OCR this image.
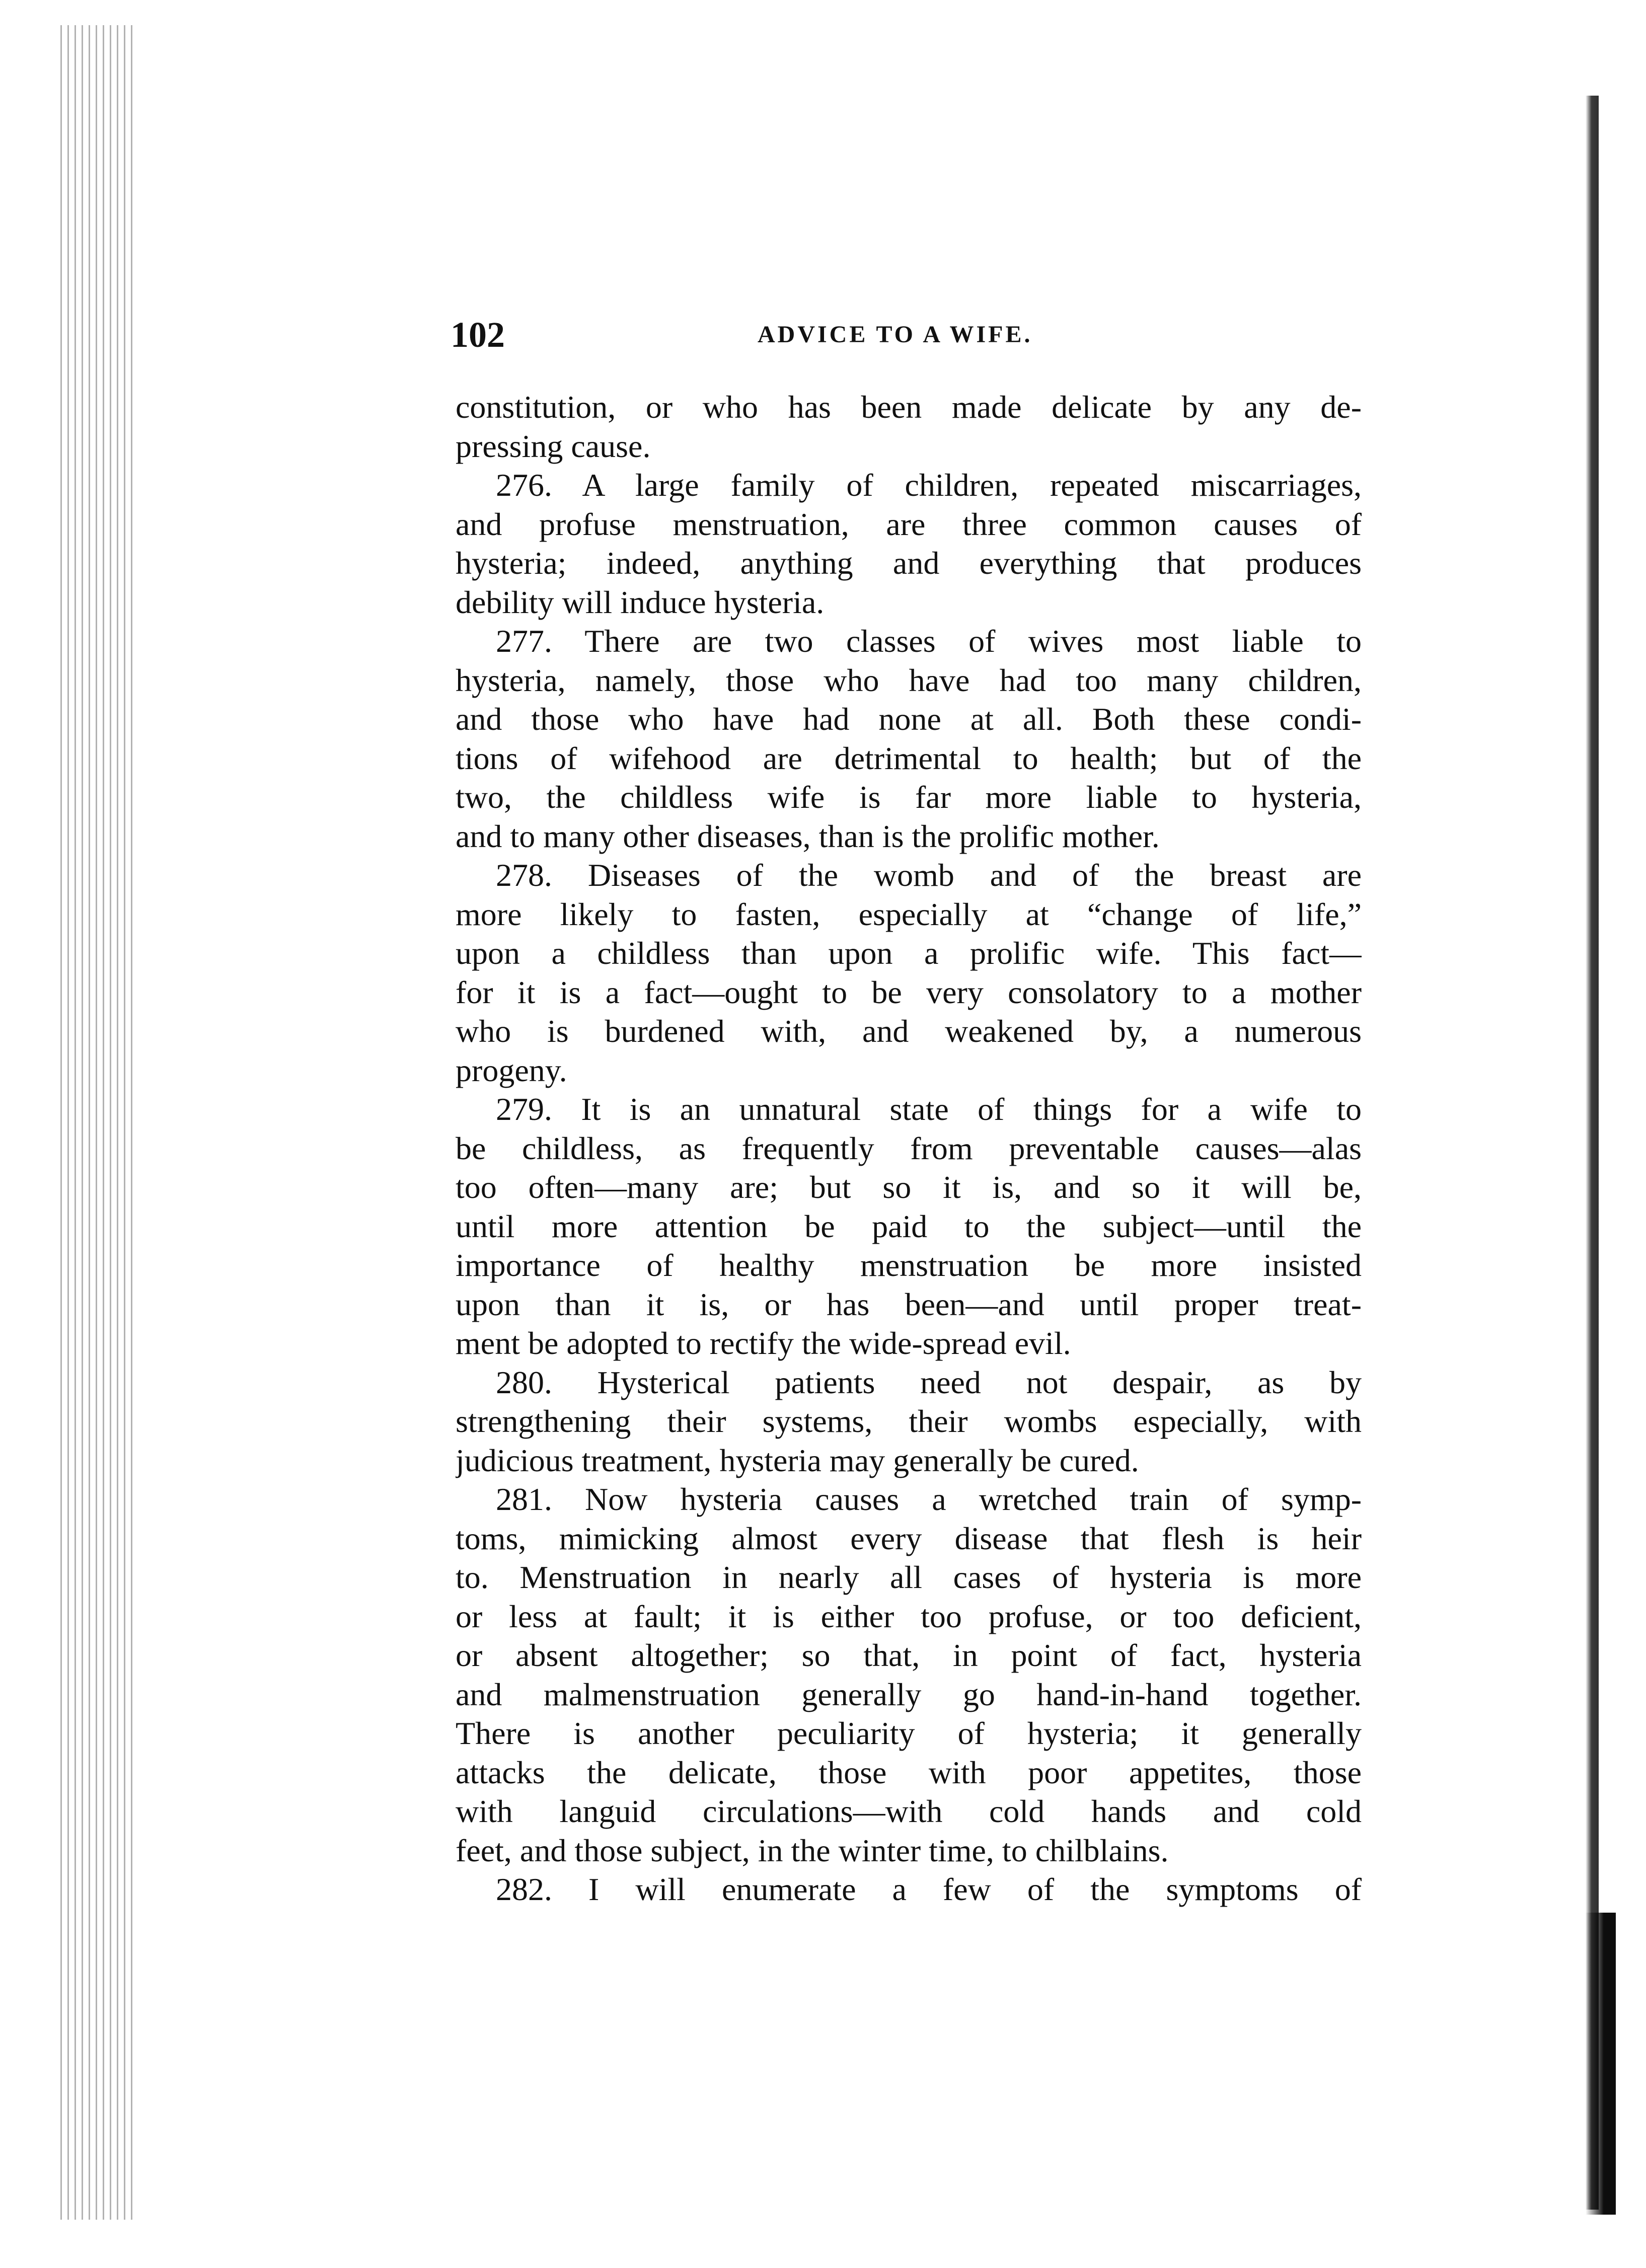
102	ADVICE TO A WIFE.
constitution, or who has been made delicate by any de-
pressing cause.
276. A large family of children, repeated miscarriages,
and profuse menstruation, are three common causes of
hysteria; indeed, anything and everything that produces
debility will induce hysteria.
277. There are two classes of wives most liable to
hysteria, namely, those who have had too many children,
and those who have had none at all. Both these condi-
tions of wifehood are detrimental to health; but of the
two, the childless wife is far more liable to hysteria,
and to many other diseases, than is the prolific mother.
278. Diseases of the womb and of the breast are
more likely to fasten, especially at “change of life,”
upon a childless than upon a prolific wife. This fact—
for it is a fact—ought to be very consolatory to a mother
who is burdened with, and weakened by, a numerous
progeny.
279. It is an unnatural state of things for a wife to
be childless, as frequently from preventable causes—alas
too often—many are; but so it is, and so it will be,
until more attention be paid to the subject—until the
importance of healthy menstruation be more insisted
upon than it is, or has been—and until proper treat-
ment be adopted to rectify the wide-spread evil.
280. Hysterical patients need not despair, as by
strengthening their systems, their wombs especially, with
judicious treatment, hysteria may generally be cured.
281. Now hysteria causes a wretched train of symp-
toms, mimicking almost every disease that flesh is heir
to. Menstruation in nearly all cases of hysteria is more
or less at fault; it is either too profuse, or too deficient,
or absent altogether; so that, in point of fact, hysteria
and malmenstruation generally go hand-in-hand together.
There is another peculiarity of hysteria; it generally
attacks the delicate, those with poor appetites, those
with languid circulations—with cold hands and cold
feet, and those subject, in the winter time, to chilblains.
282. I will enumerate a few of the symptoms of
